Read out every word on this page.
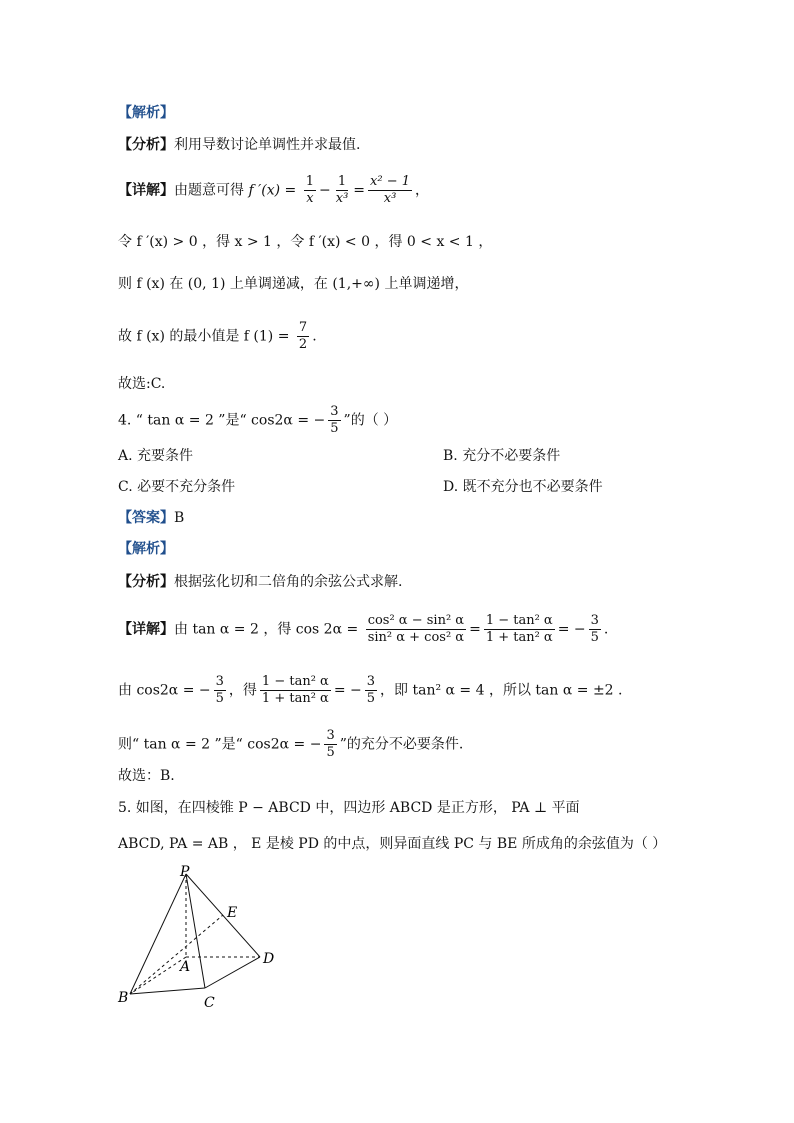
【解析】
【分析】利用导数讨论单调性并求最值.
【详解】由题意可得 f $'(x) = \frac{1}{x} - \frac{1}{\text{x³}} = \frac{\text{x² − 1}}{\text{x³}}$ ，
令 f ′(x) > 0 ，得 x > 1 ，令 f ′(x) < 0 ，得 0 < x < 1 ，
则 f (x) 在 (0, 1) 上单调递减，在 (1,+∞) 上单调递增，
故 f (x) 的最小值是 f $(1) = \frac{7}{2}$ .
故选:C.
4. “ tan α = 2 ”是“ cos2α = − $\frac{3}{5}$ ”的（ ）
A. 充要条件	B. 充分不必要条件
C. 必要不充分条件	D. 既不充分也不必要条件
【答案】B
【解析】
【分析】根据弦化切和二倍角的余弦公式求解.
【详解】由 tan α = 2 ，得 $\cos 2\alpha = \frac{\text{cos² α − sin² α}}{\text{sin² α + cos² α}} = \frac{\text{1 − tan² α}}{\text{1 + tan² α}}$ = − $\frac{3}{5}$ .
由 cos2α = − $\frac{3}{5}$ ，得 $\frac{\text{1 − tan² α}}{\text{1 + tan² α}}$ = − $\frac{3}{5}$ ，即 tan² α = 4 ，所以 tan α = ±2 .
则“ tan α = 2 ”是“ cos2α = − $\frac{3}{5}$ ”的充分不必要条件.
故选：B.
5. 如图，在四棱锥 P − ABCD 中，四边形 ABCD 是正方形， PA ⊥ 平面
ABCD, PA = AB ， E 是棱 PD 的中点，则异面直线 PC 与 BE 所成角的余弦值为（ ）
P
E
A	D
B	C
